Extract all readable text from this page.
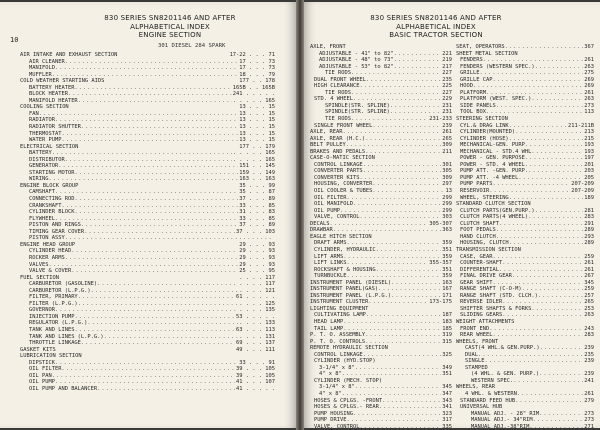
10
830 SERIES SN8201146 AND AFTER
ALPHABETICAL INDEX
ENGINE SECTION
301 DIESEL 284 SPARK
AIR INTAKE AND EXHAUST SECTION	17-22 . . . 71
AIR CLEANER .....	17 . . . 73
MANIFOLD .....	17 . . . 73
MUFFLER .....	18 . . . 79
COLD WEATHER STARTING AIDS	177 . . 178
BATTERY HEATER .....	165B . . 165B
BLOCK HEATER .....	241 . . . . .
MANIFOLD HEATER .....	. . . . . 165
COOLING SECTION	13 . . . 15
FAN .....	13 . . . 15
RADIATOR .....	13 . . . 15
RADIATOR SHUTTER .....	13 . . . 15
THERMOSTAT .....	13 . . . 15
WATER PUMP .....	13 . . . 15
ELECTRICAL SECTION	177 . . 179
BATTERY .....	. . . . . 165
DISTRIBUTOR .....	. . . . . 165
GENERATOR .....	151 . . 145
STARTING MOTOR .....	159 . . 149
WIRING .....	163 . . 163
ENGINE BLOCK GROUP	35 . . . 99
CAMSHAFT .....	35 . . . 87
CONNECTING ROD .....	37 . . . 89
CRANKSHAFT .....	33 . . . 85
CYLINDER BLOCK .....	31 . . . 83
FLYWHEEL .....	33 . . . 85
PISTON AND RINGS .....	37 . . . 89
TIMING GEAR COVER .....	37 . . . 103
PISTON ASSY
.....
ENGINE HEAD GROUP	29 . . . 93
CYLINDER HEAD .....	29 . . . 93
ROCKER ARMS .....	29 . . . 93
VALVES .....	29 . . . 93
VALVE & COVER .....	25 . . . 95
FUEL SECTION	. . . . 117
CARBURETOR (GASOLINE) .....	. . . . 117
CARBURETOR (L.P.G.) .....	. . . . 121
FILTER, PRIMARY .....	61 . . . . .
FILTER (L.P.G.) .....	. . . . 125
GOVERNOR .....	. . . . 135
INJECTION PUMP .....	53 . . . . .
REGULATOR (L.P.G.) .....	. . . . 133
TANK AND LINES .....	63 . . . 113
TANK AND LINES (L.P.G.) .....	. . . . 131
THROTTLE LINKAGE .....	69 . . . 137
GASKET KITS	49 . . . 111
LUBRICATION SECTION
DIPSTICK .....	33 . . . 91
OIL FILTER .....	39 . . . 105
OIL PAN .....	39 . . . 105
OIL PUMP .....	41 . . . 107
OIL PUMP AND BALANCER .....	41 . . . . .
830 SERIES SN8201146 AND AFTER
ALPHABETICAL INDEX
BASIC TRACTOR SECTION
AXLE, FRONT
ADJUSTABLE - 41" to 82" .....	221
ADJUSTABLE - 48" to 73" .....	219
ADJUSTABLE - 53" to 82" .....	217
TIE RODS .....	227
DUAL FRONT WHEEL .....	235
HIGH CLEARANCE .....	225
TIE RODS .....	227
STD. 4 WHEEL .....	229
SPINDLE(STR. SPLINE) .....	231
SPINDLE(STR. SPLINE) .....	231
TIE RODS .....	231-233
SINGLE FRONT WHEEL .....	239
AXLE, REAR .....	261
AXLE, REAR (H.C.) .....	265
BELT PULLEY .....	309
BRAKES AND PEDALS .....	211
CASE-O-MATIC SECTION
CONTROL LINKAGE .....	301
CONVERTER PARTS .....	305
CONVERTER KITS .....	309
HOUSING, CONVERTER .....	297
OIL COOLER & TUBES .....	13
OIL FILTER .....	299
OIL MANIFOLD .....	299
OIL PUMP .....	299
VALVE, CONTROL .....	303
DECALS .....	305-307
DRAWBAR .....	363
EAGLE HITCH SECTION
DRAFT ARMS .....	359
CYLINDER, HYDRAULIC .....	351
LIFT ARMS .....	359
LIFT LINKS .....	355-357
ROCKSHAFT & HOUSING .....	351
TURNBUCKLE .....	359
INSTRUMENT PANEL (DIESEL) .....	163
INSTRUMENT PANEL(GAS) .....	167
INSTRUMENT PANEL (L.P.G.) .....	171
INSTRUMENT CLUSTER .....	173-175
LIGHTING EQUIPMENT
CULTIVATING LAMP .....	187
HEAD LAMP .....	183
TAIL LAMP .....	185
P. T. O. ASSEMBLY .....	319
P. T. O. CONTROLS .....	315
REMOTE HYDRAULIC SECTION
CONTROL LINKAGE .....	325
CYLINDER (HYD.STOP)
3-1/4" x 8" .....	349
4" x 8" .....	351
CYLINDER (MECH. STOP)
3-1/4" x 8" .....	345
4" x 8" .....	347
HOSES & CPLGS. -FRONT .....	343
HOSES & CPLGS.- REAR .....	341
PUMP HOUSING .....	323
PUMP DRIVE .....	317
VALVE, CONTROL .....	335
SEAT, OPERATORS .....	367
SHEET METAL SECTION
FENDERS .....	261
FENDERS (WESTERN SPEC.) .....	263
GRILLE .....	275
GRILLE CAP .....	269
HOOD .....	269
PLATFORM .....	261
PLATFORM (WEST. SPEC.) .....	263
SIDE PANELS .....	273
TOOL BOX .....	113
STEERING SECTION
CYL.& DRAG LINK .....	211-211B
CYLINDER(MOUNTED) .....	213
CYLINDER (HOSE) .....	215
MECHANICAL-GEN. PURP .....	193
MECHANICAL - STD.4 WHL .....	193
POWER - GEN. PURPOSE .....	197
POWER - STD. 4 WHEEL .....	201
PUMP ATT. -GEN. PURP. .....	203
PUMP ATT. -4 WHEEL .....	205
PUMP PARTS .....	207-209
RESERVOIR .....	207-209
WHEEL, STEERING .....	189
STANDARD CLUTCH SECTION
CLUTCH PARTS(GEN.PURP.) .....	281
CLUTCH PARTS(4 WHEEL) .....	283
CLUTCH SHAFT .....	291
FOOT PEDALS .....	289
HAND CLUTCH .....	293
HOUSING, CLUTCH .....	289
TRANSMISSION SECTION
CASE, GEAR .....	259
COUNTER-SHAFT .....	261
DIFFERENTIAL .....	261
FINAL DRIVE GEAR .....	267
GEAR SHIFT .....	345
RANGE SHAFT (C-O-M) .....	259
RANGE SHAFT (STD. CLCH.) .....	257
REVERSE IDLER .....	265
SHIFTER SHAFTS & FORKS .....	253
SLIDING GEARS .....	263
WEIGHT ATTACHMENTS
FRONT END .....	243
REAR WHEEL .....	283
WHEELS, FRONT
CAST(4 WHL.& GEN.PURP.) .....	239
DUAL .....	235
SINGLE .....	239
STAMPED
(4 WHL. & GEN. PURP.) .....	239
WESTERN SPEC. .....	241
WHEELS, REAR
4 WHL. & WESTERN .....	261
STANDARD FEED HUB .....	279
UNIVERSAL HUB
MANUAL ADJ. - 28" RIM .....	273
MANUAL ADJ.- 34"RIM .....	273
MANUAL ADJ.-38"RIM .....	271
